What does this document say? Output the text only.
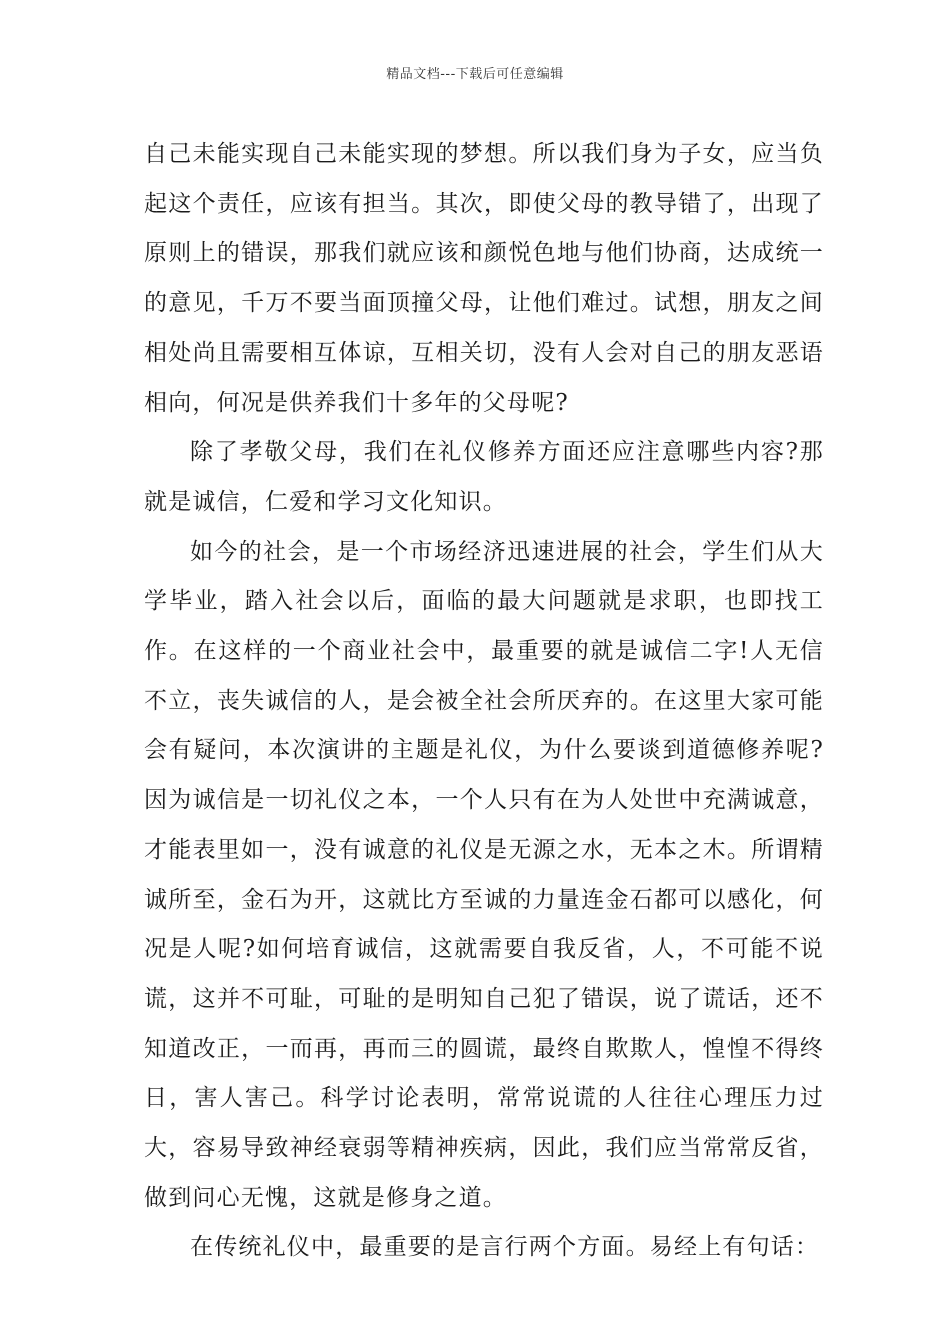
精品文档---下载后可任意编辑

自己未能实现自己未能实现的梦想。所以我们身为子女，应当负起这个责任，应该有担当。其次，即使父母的教导错了，出现了原则上的错误，那我们就应该和颜悦色地与他们协商，达成统一的意见，千万不要当面顶撞父母，让他们难过。试想，朋友之间相处尚且需要相互体谅，互相关切，没有人会对自己的朋友恶语相向，何况是供养我们十多年的父母呢?

除了孝敬父母，我们在礼仪修养方面还应注意哪些内容?那就是诚信，仁爱和学习文化知识。

如今的社会，是一个市场经济迅速进展的社会，学生们从大学毕业，踏入社会以后，面临的最大问题就是求职，也即找工作。在这样的一个商业社会中，最重要的就是诚信二字!人无信不立，丧失诚信的人，是会被全社会所厌弃的。在这里大家可能会有疑问，本次演讲的主题是礼仪，为什么要谈到道德修养呢?因为诚信是一切礼仪之本，一个人只有在为人处世中充满诚意，才能表里如一，没有诚意的礼仪是无源之水，无本之木。所谓精诚所至，金石为开，这就比方至诚的力量连金石都可以感化，何况是人呢?如何培育诚信，这就需要自我反省，人，不可能不说谎，这并不可耻，可耻的是明知自己犯了错误，说了谎话，还不知道改正，一而再，再而三的圆谎，最终自欺欺人，惶惶不得终日，害人害己。科学讨论表明，常常说谎的人往往心理压力过大，容易导致神经衰弱等精神疾病，因此，我们应当常常反省，做到问心无愧，这就是修身之道。

在传统礼仪中，最重要的是言行两个方面。易经上有句话：
